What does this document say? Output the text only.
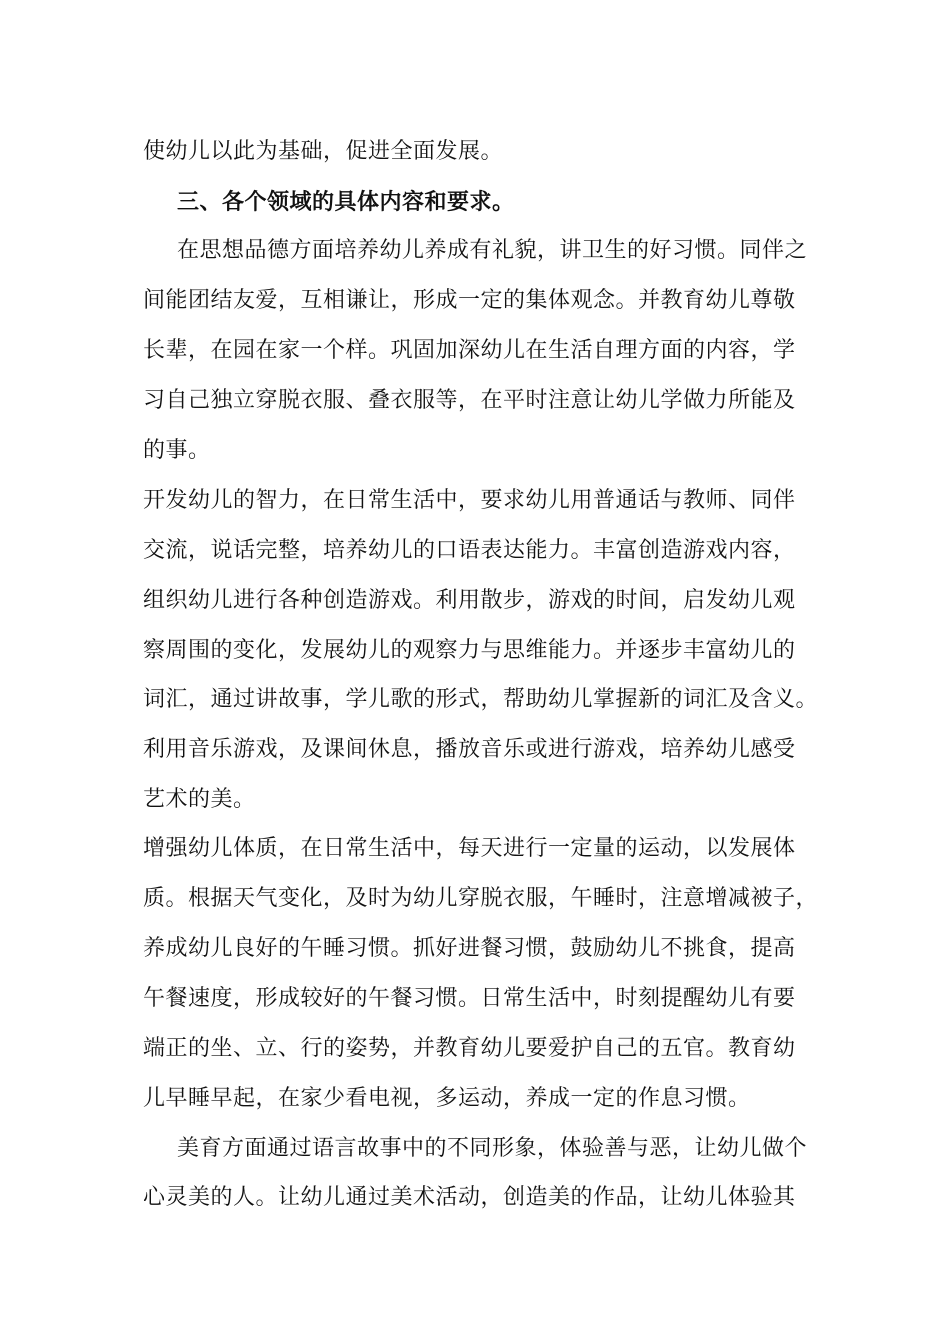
使幼儿以此为基础，促进全面发展。
三、各个领域的具体内容和要求。
在思想品德方面培养幼儿养成有礼貌，讲卫生的好习惯。同伴之
间能团结友爱，互相谦让，形成一定的集体观念。并教育幼儿尊敬
长辈，在园在家一个样。巩固加深幼儿在生活自理方面的内容，学
习自己独立穿脱衣服、叠衣服等，在平时注意让幼儿学做力所能及
的事。
开发幼儿的智力，在日常生活中，要求幼儿用普通话与教师、同伴
交流，说话完整，培养幼儿的口语表达能力。丰富创造游戏内容，
组织幼儿进行各种创造游戏。利用散步，游戏的时间，启发幼儿观
察周围的变化，发展幼儿的观察力与思维能力。并逐步丰富幼儿的
词汇，通过讲故事，学儿歌的形式，帮助幼儿掌握新的词汇及含义。
利用音乐游戏，及课间休息，播放音乐或进行游戏，培养幼儿感受
艺术的美。
增强幼儿体质，在日常生活中，每天进行一定量的运动，以发展体
质。根据天气变化，及时为幼儿穿脱衣服，午睡时，注意增减被子，
养成幼儿良好的午睡习惯。抓好进餐习惯，鼓励幼儿不挑食，提高
午餐速度，形成较好的午餐习惯。日常生活中，时刻提醒幼儿有要
端正的坐、立、行的姿势，并教育幼儿要爱护自己的五官。教育幼
儿早睡早起，在家少看电视，多运动，养成一定的作息习惯。
美育方面通过语言故事中的不同形象，体验善与恶，让幼儿做个
心灵美的人。让幼儿通过美术活动，创造美的作品，让幼儿体验其
